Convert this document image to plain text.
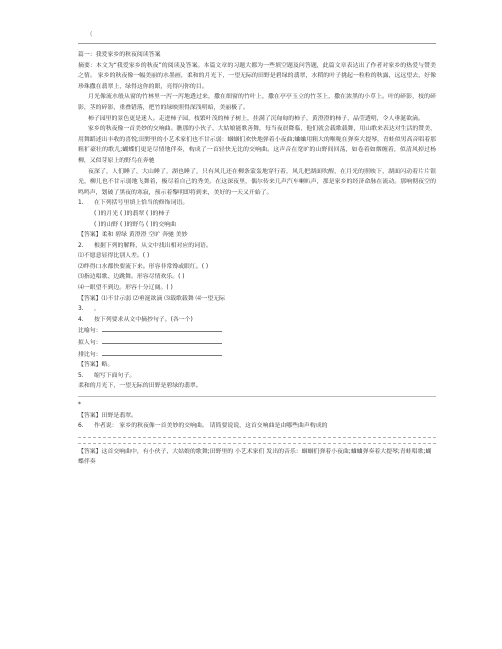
(

篇一：我爱家乡的秋夜阅读答案

摘要：本文为“我爱家乡的秋夜”的阅读及答案。本篇文章的习题大都为一些填空题及问答题，此篇文章表达出了作者对家乡的热爱与赞美之情。 家乡的秋夜像一幅美丽的水墨画，柔和的月光下，一望无际的田野是碧绿的翡翠，水稻的叶子挑起一粒粒的秋露，远远望去，好像珍珠撒在翡翠上，绿得这你的眼，亮得闪你的目。

月光像流水般从窗的竹林里一泻一泻地透过来，撒在细窗的竹叶上，撒在亭亭玉立的竹茎上，撒在浓黑的小草上。叶的碎影，枝的碎影，茎的碎影，重叠错落，把竹的绿映照得深浅明暗，美丽极了。

柿子园里的景色更是迷人。走进柿子园，枝繁叶茂的柿子树上，挂满了沉甸甸的柿子，黄澄澄的柿子，晶莹透明，令人垂涎欲滴。

家乡的秋夜像一首美妙的交响曲。瞧那的小伙子、大姑娘能歌善舞，每当夜晨降临，他们就会载歌载舞，用山歌来表达对生活的赞美，用舞蹈述出丰收的喜悦;田野里的小艺术家们也不甘示弱：蝈蝈们欢快地弹着小夜曲;蛐蛐用粗大的喉咙在弹奏大提琴，青蛙似男高音唱着那粗犷豪壮的歌儿;蝴蝶们更是尽情地伴奏，构成了一首轻快无比的交响曲。这声音在宽旷的山野间回荡，如卷着如烟缠着，似清风掉过杨柳，又似芽原上的野鸟在奔驰

夜深了，人们睡了，大山睡了，湖也睡了，只有风儿还在柳条蒙轰地穿行着，风儿把湖面吹醒，在月光的照映下，湖面闪动着片片银光，柳儿也不甘示弱地飞舞着，极尽着自己的秀美。在这深夜里，偶尔传来几声汽车喇叭声，那是家乡的经济命脉在流动。那响彻夜空的鸣鸣声，划破了黑夜的寒寂，预示着黎明即将到来，美好的一天又开始了。

1. 在下列括号里填上恰当的修饰词语。
( )的月光 ( )的翡翠 ( )的柿子
( )的山野 ( )的野鸟 ( )的交响曲
【答案】柔和 碧绿 黄澄澄 空旷 奔驰 美妙
2. 根据下列的解释，从文中找出相对应的词语。
⑴不愿意显得比别人差。( )
⑵绊得口水都快要流下来。形容非常馋或眼红。( )
⑶指边唱歌、边跳舞。形容尽情欢乐。( )
⑷一眼望不到边。形容十分辽阔。( )
【答案】⑴不甘示弱 ⑵垂涎欲滴 ⑶载歌载舞 ⑷一望无际
3. ，
4. 按下列要求从文中摘抄句子。(各一个)
比喻句：
拟人句：
排比句：
【答案】略。
5. 缩写下面句子。
柔和的月光下，一望无际的田野是碧绿的翡翠。
*
【答案】田野是翡翠。
6. 作者说： 家乡的秋夜像一首美妙的交响曲。 请简要说说，这首交响曲是由哪些曲声构成的
【答案】这首交响曲中，有小伙子、大姑娘的歌舞;田野里的 小艺术家们 发出的音乐：蝈蝈们弹着小夜曲;蛐蛐弹奏着大提琴;青蛙唱歌;蝴蝶伴奏
